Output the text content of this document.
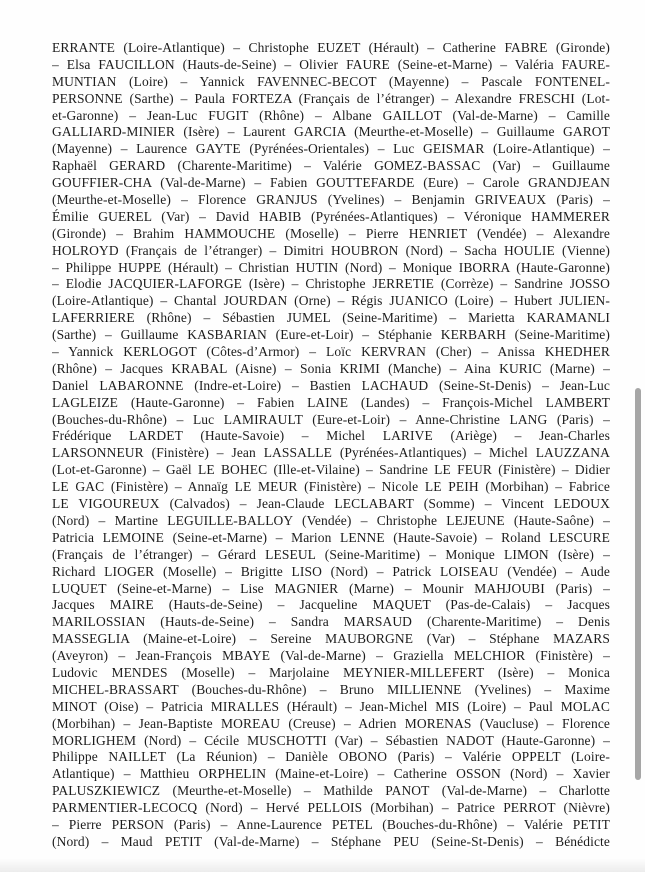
ERRANTE (Loire-Atlantique) – Christophe EUZET (Hérault) – Catherine FABRE (Gironde)
– Elsa FAUCILLON (Hauts-de-Seine) – Olivier FAURE (Seine-et-Marne) – Valéria FAURE-
MUNTIAN (Loire) – Yannick FAVENNEC-BECOT (Mayenne) – Pascale FONTENEL-
PERSONNE (Sarthe) – Paula FORTEZA (Français de l’étranger) – Alexandre FRESCHI (Lot-
et-Garonne) – Jean-Luc FUGIT (Rhône) – Albane GAILLOT (Val-de-Marne) – Camille
GALLIARD-MINIER (Isère) – Laurent GARCIA (Meurthe-et-Moselle) – Guillaume GAROT
(Mayenne) – Laurence GAYTE (Pyrénées-Orientales) – Luc GEISMAR (Loire-Atlantique) –
Raphaël GERARD (Charente-Maritime) – Valérie GOMEZ-BASSAC (Var) – Guillaume
GOUFFIER-CHA (Val-de-Marne) – Fabien GOUTTEFARDE (Eure) – Carole GRANDJEAN
(Meurthe-et-Moselle) – Florence GRANJUS (Yvelines) – Benjamin GRIVEAUX (Paris) –
Émilie GUEREL (Var) – David HABIB (Pyrénées-Atlantiques) – Véronique HAMMERER
(Gironde) – Brahim HAMMOUCHE (Moselle) – Pierre HENRIET (Vendée) – Alexandre
HOLROYD (Français de l’étranger) – Dimitri HOUBRON (Nord) – Sacha HOULIE (Vienne)
– Philippe HUPPE (Hérault) – Christian HUTIN (Nord) – Monique IBORRA (Haute-Garonne)
– Elodie JACQUIER-LAFORGE (Isère) – Christophe JERRETIE (Corrèze) – Sandrine JOSSO
(Loire-Atlantique) – Chantal JOURDAN (Orne) – Régis JUANICO (Loire) – Hubert JULIEN-
LAFERRIERE (Rhône) – Sébastien JUMEL (Seine-Maritime) – Marietta KARAMANLI
(Sarthe) – Guillaume KASBARIAN (Eure-et-Loir) – Stéphanie KERBARH (Seine-Maritime)
– Yannick KERLOGOT (Côtes-d’Armor) – Loïc KERVRAN (Cher) – Anissa KHEDHER
(Rhône) – Jacques KRABAL (Aisne) – Sonia KRIMI (Manche) – Aina KURIC (Marne) –
Daniel LABARONNE (Indre-et-Loire) – Bastien LACHAUD (Seine-St-Denis) – Jean-Luc
LAGLEIZE (Haute-Garonne) – Fabien LAINE (Landes) – François-Michel LAMBERT
(Bouches-du-Rhône) – Luc LAMIRAULT (Eure-et-Loir) – Anne-Christine LANG (Paris) –
Frédérique LARDET (Haute-Savoie) – Michel LARIVE (Ariège) – Jean-Charles
LARSONNEUR (Finistère) – Jean LASSALLE (Pyrénées-Atlantiques) – Michel LAUZZANA
(Lot-et-Garonne) – Gaël LE BOHEC (Ille-et-Vilaine) – Sandrine LE FEUR (Finistère) – Didier
LE GAC (Finistère) – Annaïg LE MEUR (Finistère) – Nicole LE PEIH (Morbihan) – Fabrice
LE VIGOUREUX (Calvados) – Jean-Claude LECLABART (Somme) – Vincent LEDOUX
(Nord) – Martine LEGUILLE-BALLOY (Vendée) – Christophe LEJEUNE (Haute-Saône) –
Patricia LEMOINE (Seine-et-Marne) – Marion LENNE (Haute-Savoie) – Roland LESCURE
(Français de l’étranger) – Gérard LESEUL (Seine-Maritime) – Monique LIMON (Isère) –
Richard LIOGER (Moselle) – Brigitte LISO (Nord) – Patrick LOISEAU (Vendée) – Aude
LUQUET (Seine-et-Marne) – Lise MAGNIER (Marne) – Mounir MAHJOUBI (Paris) –
Jacques MAIRE (Hauts-de-Seine) – Jacqueline MAQUET (Pas-de-Calais) – Jacques
MARILOSSIAN (Hauts-de-Seine) – Sandra MARSAUD (Charente-Maritime) – Denis
MASSEGLIA (Maine-et-Loire) – Sereine MAUBORGNE (Var) – Stéphane MAZARS
(Aveyron) – Jean-François MBAYE (Val-de-Marne) – Graziella MELCHIOR (Finistère) –
Ludovic MENDES (Moselle) – Marjolaine MEYNIER-MILLEFERT (Isère) – Monica
MICHEL-BRASSART (Bouches-du-Rhône) – Bruno MILLIENNE (Yvelines) – Maxime
MINOT (Oise) – Patricia MIRALLES (Hérault) – Jean-Michel MIS (Loire) – Paul MOLAC
(Morbihan) – Jean-Baptiste MOREAU (Creuse) – Adrien MORENAS (Vaucluse) – Florence
MORLIGHEM (Nord) – Cécile MUSCHOTTI (Var) – Sébastien NADOT (Haute-Garonne) –
Philippe NAILLET (La Réunion) – Danièle OBONO (Paris) – Valérie OPPELT (Loire-
Atlantique) – Matthieu ORPHELIN (Maine-et-Loire) – Catherine OSSON (Nord) – Xavier
PALUSZKIEWICZ (Meurthe-et-Moselle) – Mathilde PANOT (Val-de-Marne) – Charlotte
PARMENTIER-LECOCQ (Nord) – Hervé PELLOIS (Morbihan) – Patrice PERROT (Nièvre)
– Pierre PERSON (Paris) – Anne-Laurence PETEL (Bouches-du-Rhône) – Valérie PETIT
(Nord) – Maud PETIT (Val-de-Marne) – Stéphane PEU (Seine-St-Denis) – Bénédicte
